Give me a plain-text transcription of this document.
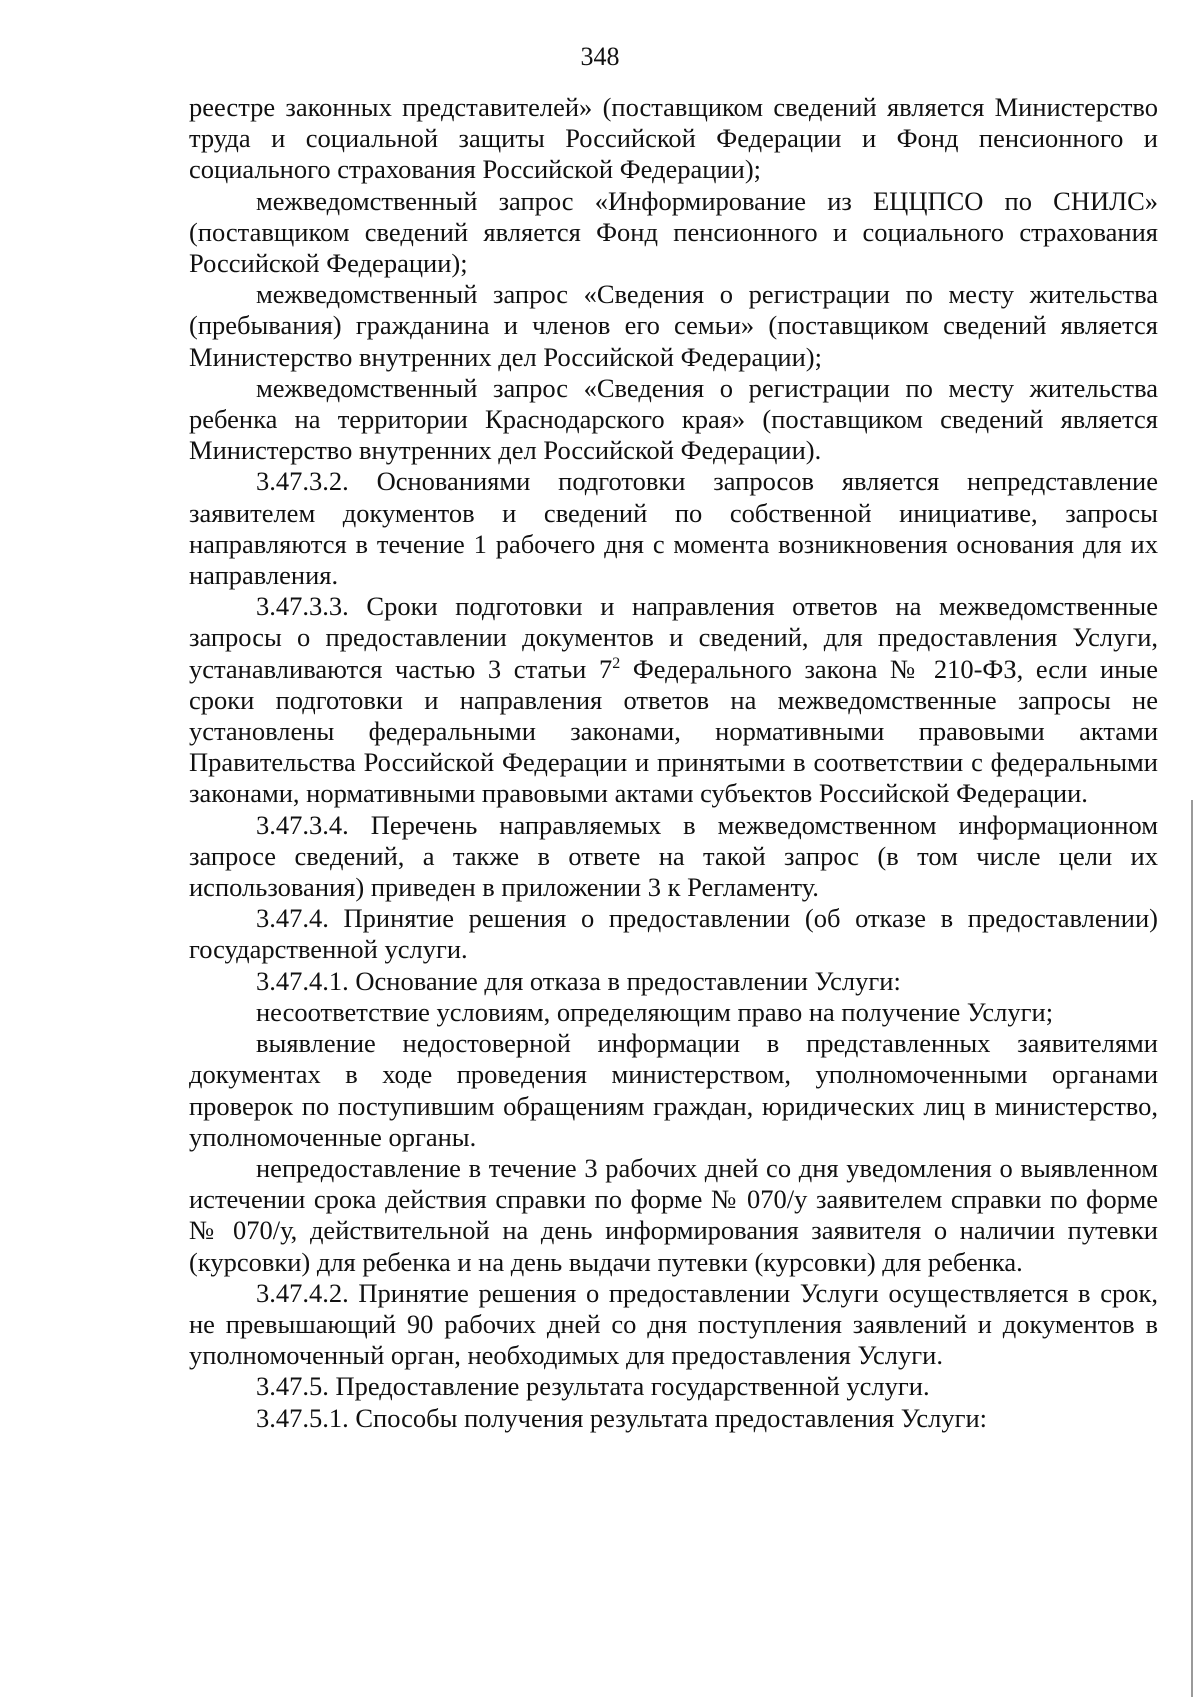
348

реестре законных представителей» (поставщиком сведений является Министерство труда и социальной защиты Российской Федерации и Фонд пенсионного и социального страхования Российской Федерации);

межведомственный запрос «Информирование из ЕЦЦПСО по СНИЛС» (поставщиком сведений является Фонд пенсионного и социального страхования Российской Федерации);

межведомственный запрос «Сведения о регистрации по месту жительства (пребывания) гражданина и членов его семьи» (поставщиком сведений является Министерство внутренних дел Российской Федерации);

межведомственный запрос «Сведения о регистрации по месту жительства ребенка на территории Краснодарского края» (поставщиком сведений является Министерство внутренних дел Российской Федерации).

3.47.3.2. Основаниями подготовки запросов является непредставление заявителем документов и сведений по собственной инициативе, запросы направляются в течение 1 рабочего дня с момента возникновения основания для их направления.

3.47.3.3. Сроки подготовки и направления ответов на межведомственные запросы о предоставлении документов и сведений, для предоставления Услуги, устанавливаются частью 3 статьи $7^2$ Федерального закона № 210-ФЗ, если иные сроки подготовки и направления ответов на межведомственные запросы не установлены федеральными законами, нормативными правовыми актами Правительства Российской Федерации и принятыми в соответствии с федеральными законами, нормативными правовыми актами субъектов Российской Федерации.

3.47.3.4. Перечень направляемых в межведомственном информационном запросе сведений, а также в ответе на такой запрос (в том числе цели их использования) приведен в приложении 3 к Регламенту.

3.47.4. Принятие решения о предоставлении (об отказе в предоставлении) государственной услуги.

3.47.4.1. Основание для отказа в предоставлении Услуги:

несоответствие условиям, определяющим право на получение Услуги;

выявление недостоверной информации в представленных заявителями документах в ходе проведения министерством, уполномоченными органами проверок по поступившим обращениям граждан, юридических лиц в министерство, уполномоченные органы.

непредоставление в течение 3 рабочих дней со дня уведомления о выявленном истечении срока действия справки по форме № 070/у заявителем справки по форме № 070/у, действительной на день информирования заявителя о наличии путевки (курсовки) для ребенка и на день выдачи путевки (курсовки) для ребенка.

3.47.4.2. Принятие решения о предоставлении Услуги осуществляется в срок, не превышающий 90 рабочих дней со дня поступления заявлений и документов в уполномоченный орган, необходимых для предоставления Услуги.

3.47.5. Предоставление результата государственной услуги.

3.47.5.1. Способы получения результата предоставления Услуги:
